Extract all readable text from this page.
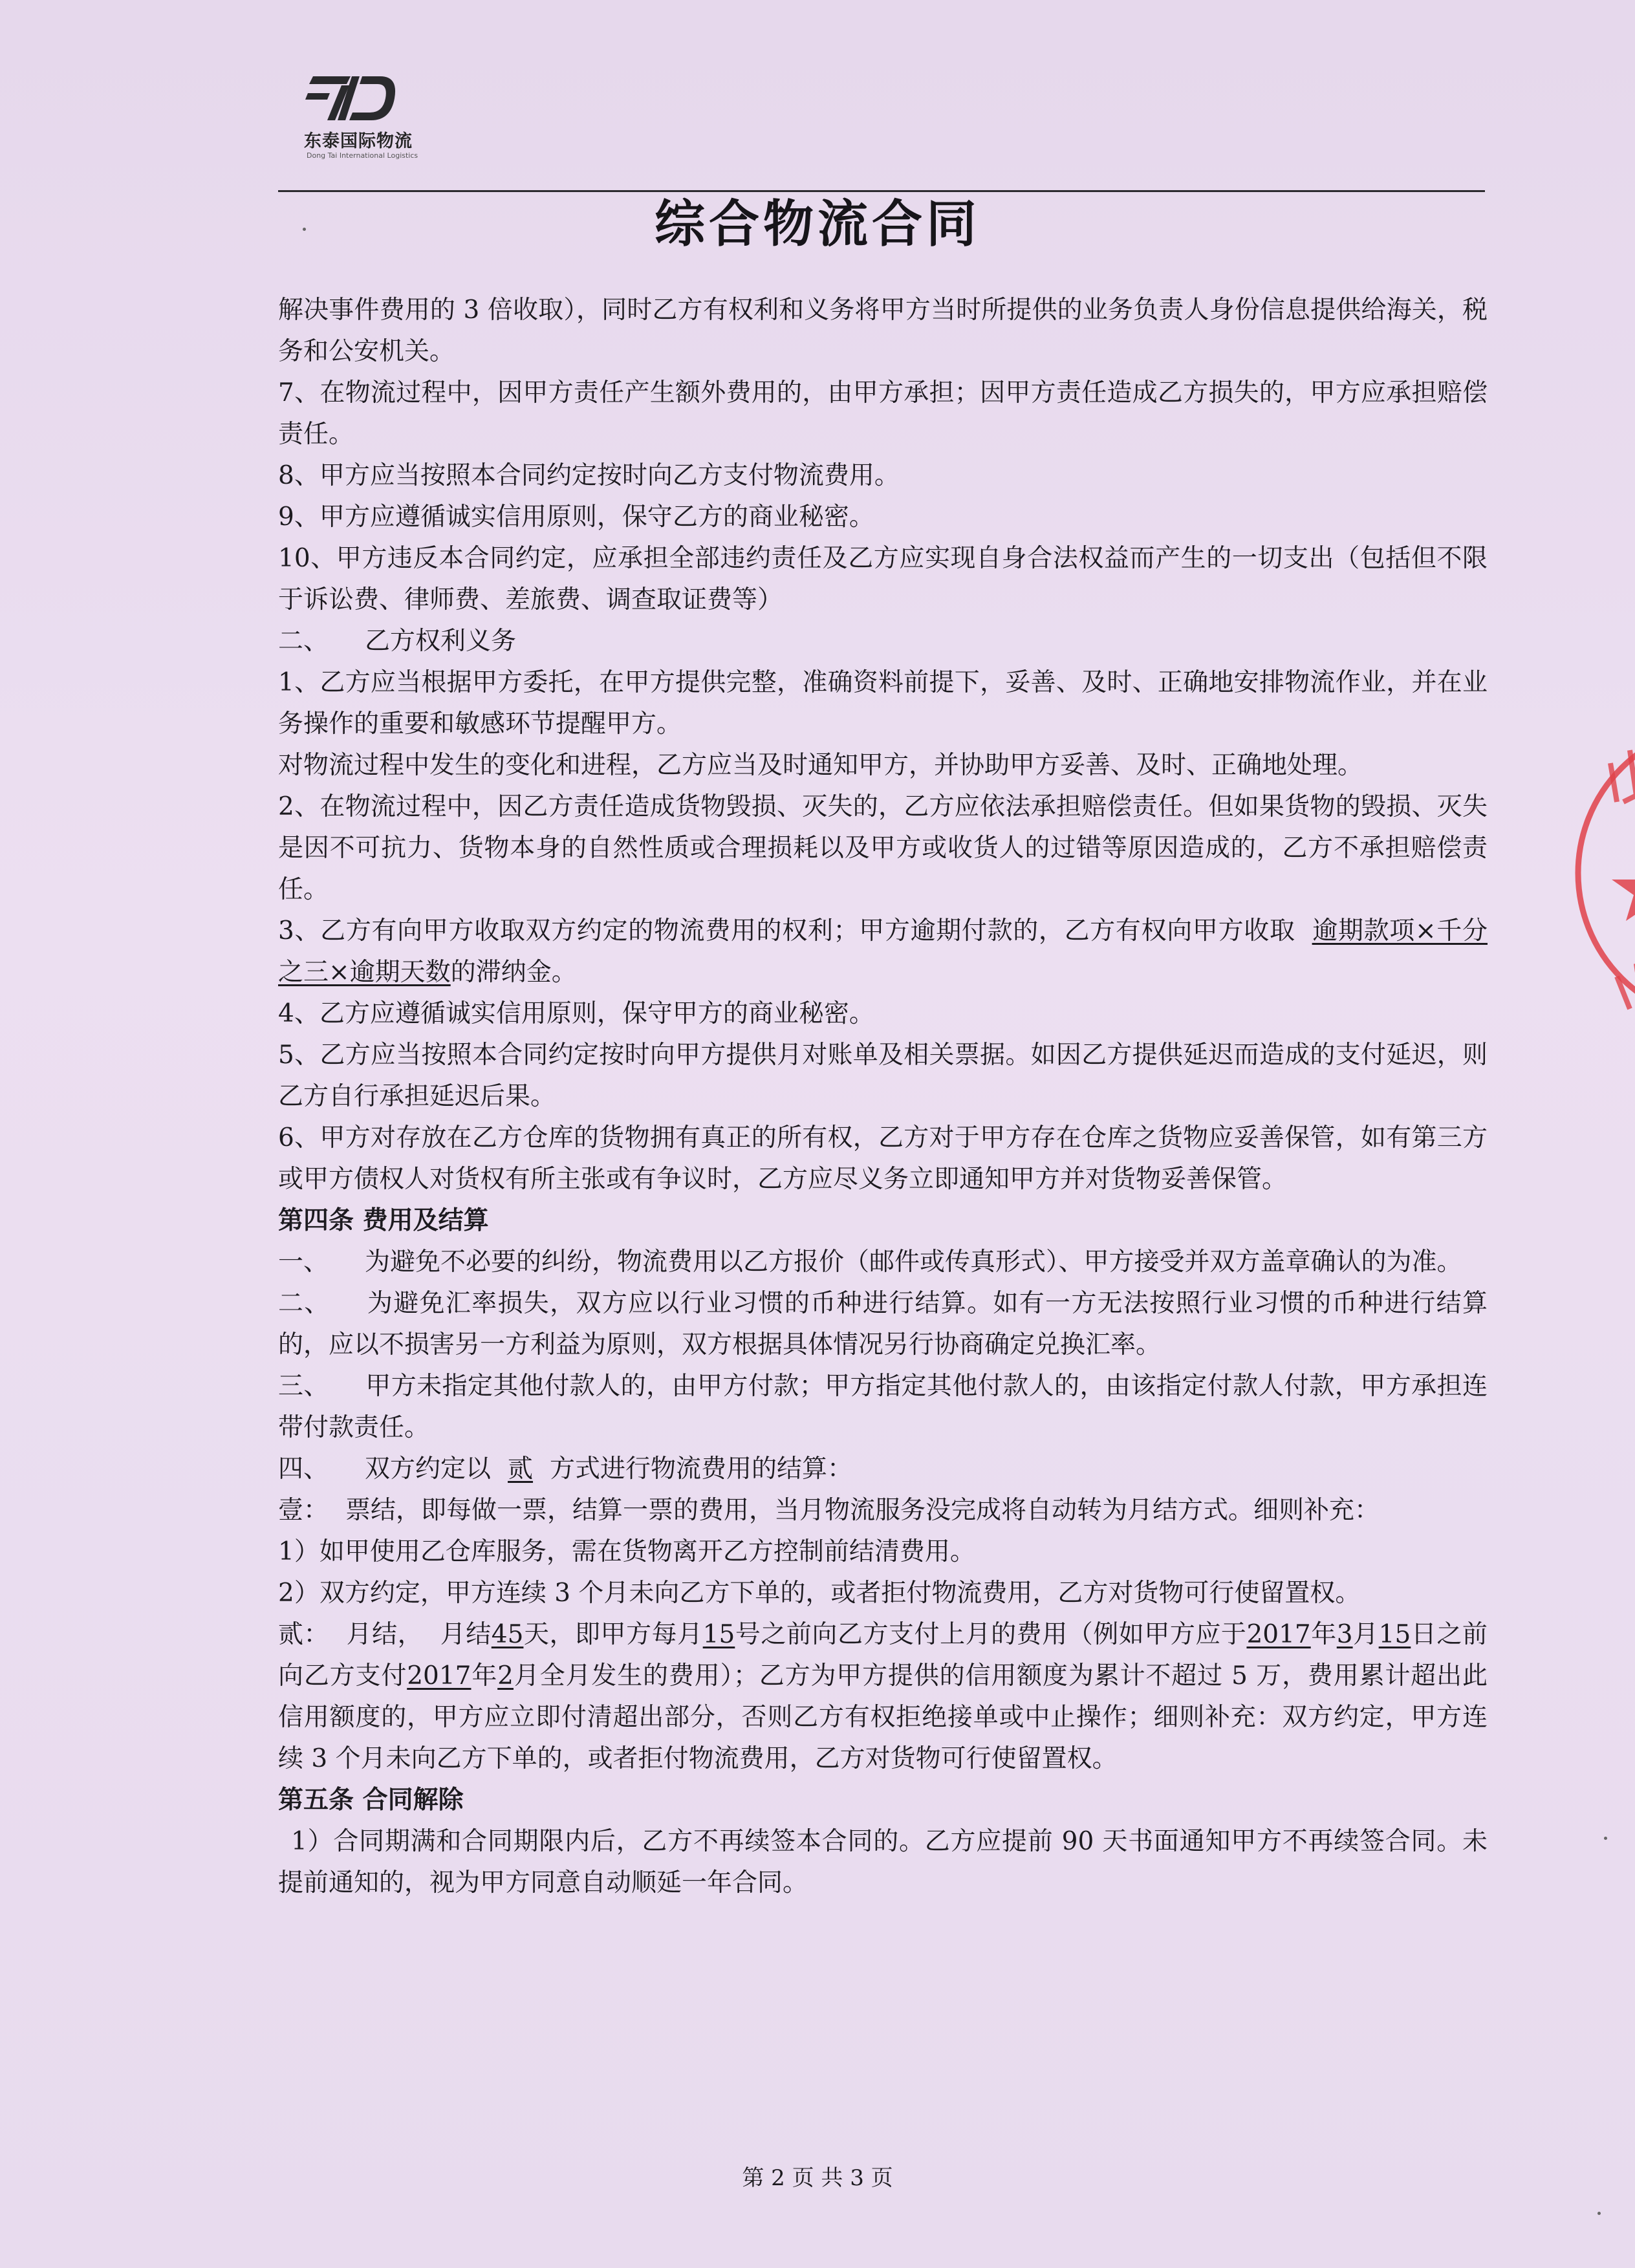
东泰国际物流
Dong Tai International Logistics
综合物流合同

解决事件费用的 3 倍收取），同时乙方有权利和义务将甲方当时所提供的业务负责人身份信息提供给海关，税务和公安机关。

7、在物流过程中，因甲方责任产生额外费用的，由甲方承担；因甲方责任造成乙方损失的，甲方应承担赔偿责任。

8、甲方应当按照本合同约定按时向乙方支付物流费用。

9、甲方应遵循诚实信用原则，保守乙方的商业秘密。

10、甲方违反本合同约定，应承担全部违约责任及乙方应实现自身合法权益而产生的一切支出（包括但不限于诉讼费、律师费、差旅费、调查取证费等）

二、 乙方权利义务

1、乙方应当根据甲方委托，在甲方提供完整，准确资料前提下，妥善、及时、正确地安排物流作业，并在业务操作的重要和敏感环节提醒甲方。

对物流过程中发生的变化和进程，乙方应当及时通知甲方，并协助甲方妥善、及时、正确地处理。

2、在物流过程中，因乙方责任造成货物毁损、灭失的，乙方应依法承担赔偿责任。但如果货物的毁损、灭失是因不可抗力、货物本身的自然性质或合理损耗以及甲方或收货人的过错等原因造成的，乙方不承担赔偿责任。

3、乙方有向甲方收取双方约定的物流费用的权利；甲方逾期付款的，乙方有权向甲方收取 逾期款项×千分之三×逾期天数的滞纳金。

4、乙方应遵循诚实信用原则，保守甲方的商业秘密。

5、乙方应当按照本合同约定按时向甲方提供月对账单及相关票据。如因乙方提供延迟而造成的支付延迟，则乙方自行承担延迟后果。

6、甲方对存放在乙方仓库的货物拥有真正的所有权，乙方对于甲方存在仓库之货物应妥善保管，如有第三方或甲方债权人对货权有所主张或有争议时，乙方应尽义务立即通知甲方并对货物妥善保管。

第四条 费用及结算

一、 为避免不必要的纠纷，物流费用以乙方报价（邮件或传真形式）、甲方接受并双方盖章确认的为准。

二、 为避免汇率损失，双方应以行业习惯的币种进行结算。如有一方无法按照行业习惯的币种进行结算的，应以不损害另一方利益为原则，双方根据具体情况另行协商确定兑换汇率。

三、 甲方未指定其他付款人的，由甲方付款；甲方指定其他付款人的，由该指定付款人付款，甲方承担连带付款责任。

四、 双方约定以 贰 方式进行物流费用的结算：

壹： 票结，即每做一票，结算一票的费用，当月物流服务没完成将自动转为月结方式。细则补充：

1）如甲使用乙仓库服务，需在货物离开乙方控制前结清费用。

2）双方约定，甲方连续 3 个月未向乙方下单的，或者拒付物流费用，乙方对货物可行使留置权。

贰： 月结， 月结45天，即甲方每月15号之前向乙方支付上月的费用（例如甲方应于2017年3月15日之前向乙方支付2017年2月全月发生的费用）；乙方为甲方提供的信用额度为累计不超过 5 万，费用累计超出此信用额度的，甲方应立即付清超出部分，否则乙方有权拒绝接单或中止操作；细则补充：双方约定，甲方连续 3 个月未向乙方下单的，或者拒付物流费用，乙方对货物可行使留置权。

第五条 合同解除

1）合同期满和合同期限内后，乙方不再续签本合同的。乙方应提前 90 天书面通知甲方不再续签合同。未提前通知的，视为甲方同意自动顺延一年合同。

第 2 页 共 3 页
